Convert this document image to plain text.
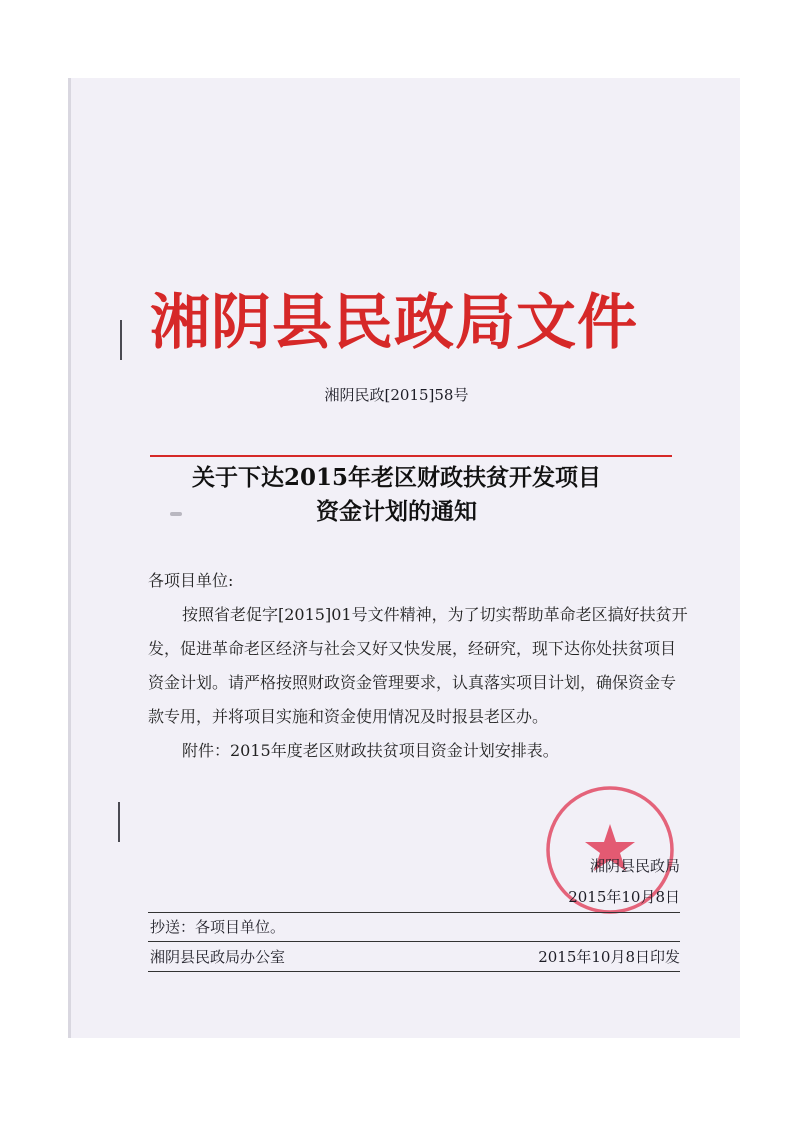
湘阴县民政局文件
湘阴民政[2015]58号
关于下达2015年老区财政扶贫开发项目
资金计划的通知

各项目单位:

按照省老促字[2015]01号文件精神，为了切实帮助革命老区搞好扶贫开发，促进革命老区经济与社会又好又快发展，经研究，现下达你处扶贫项目资金计划。请严格按照财政资金管理要求，认真落实项目计划，确保资金专款专用，并将项目实施和资金使用情况及时报县老区办。

附件：2015年度老区财政扶贫项目资金计划安排表。

湘阴县民政局
2015年10月8日
抄送：各项目单位。
湘阴县民政局办公室	2015年10月8日印发
